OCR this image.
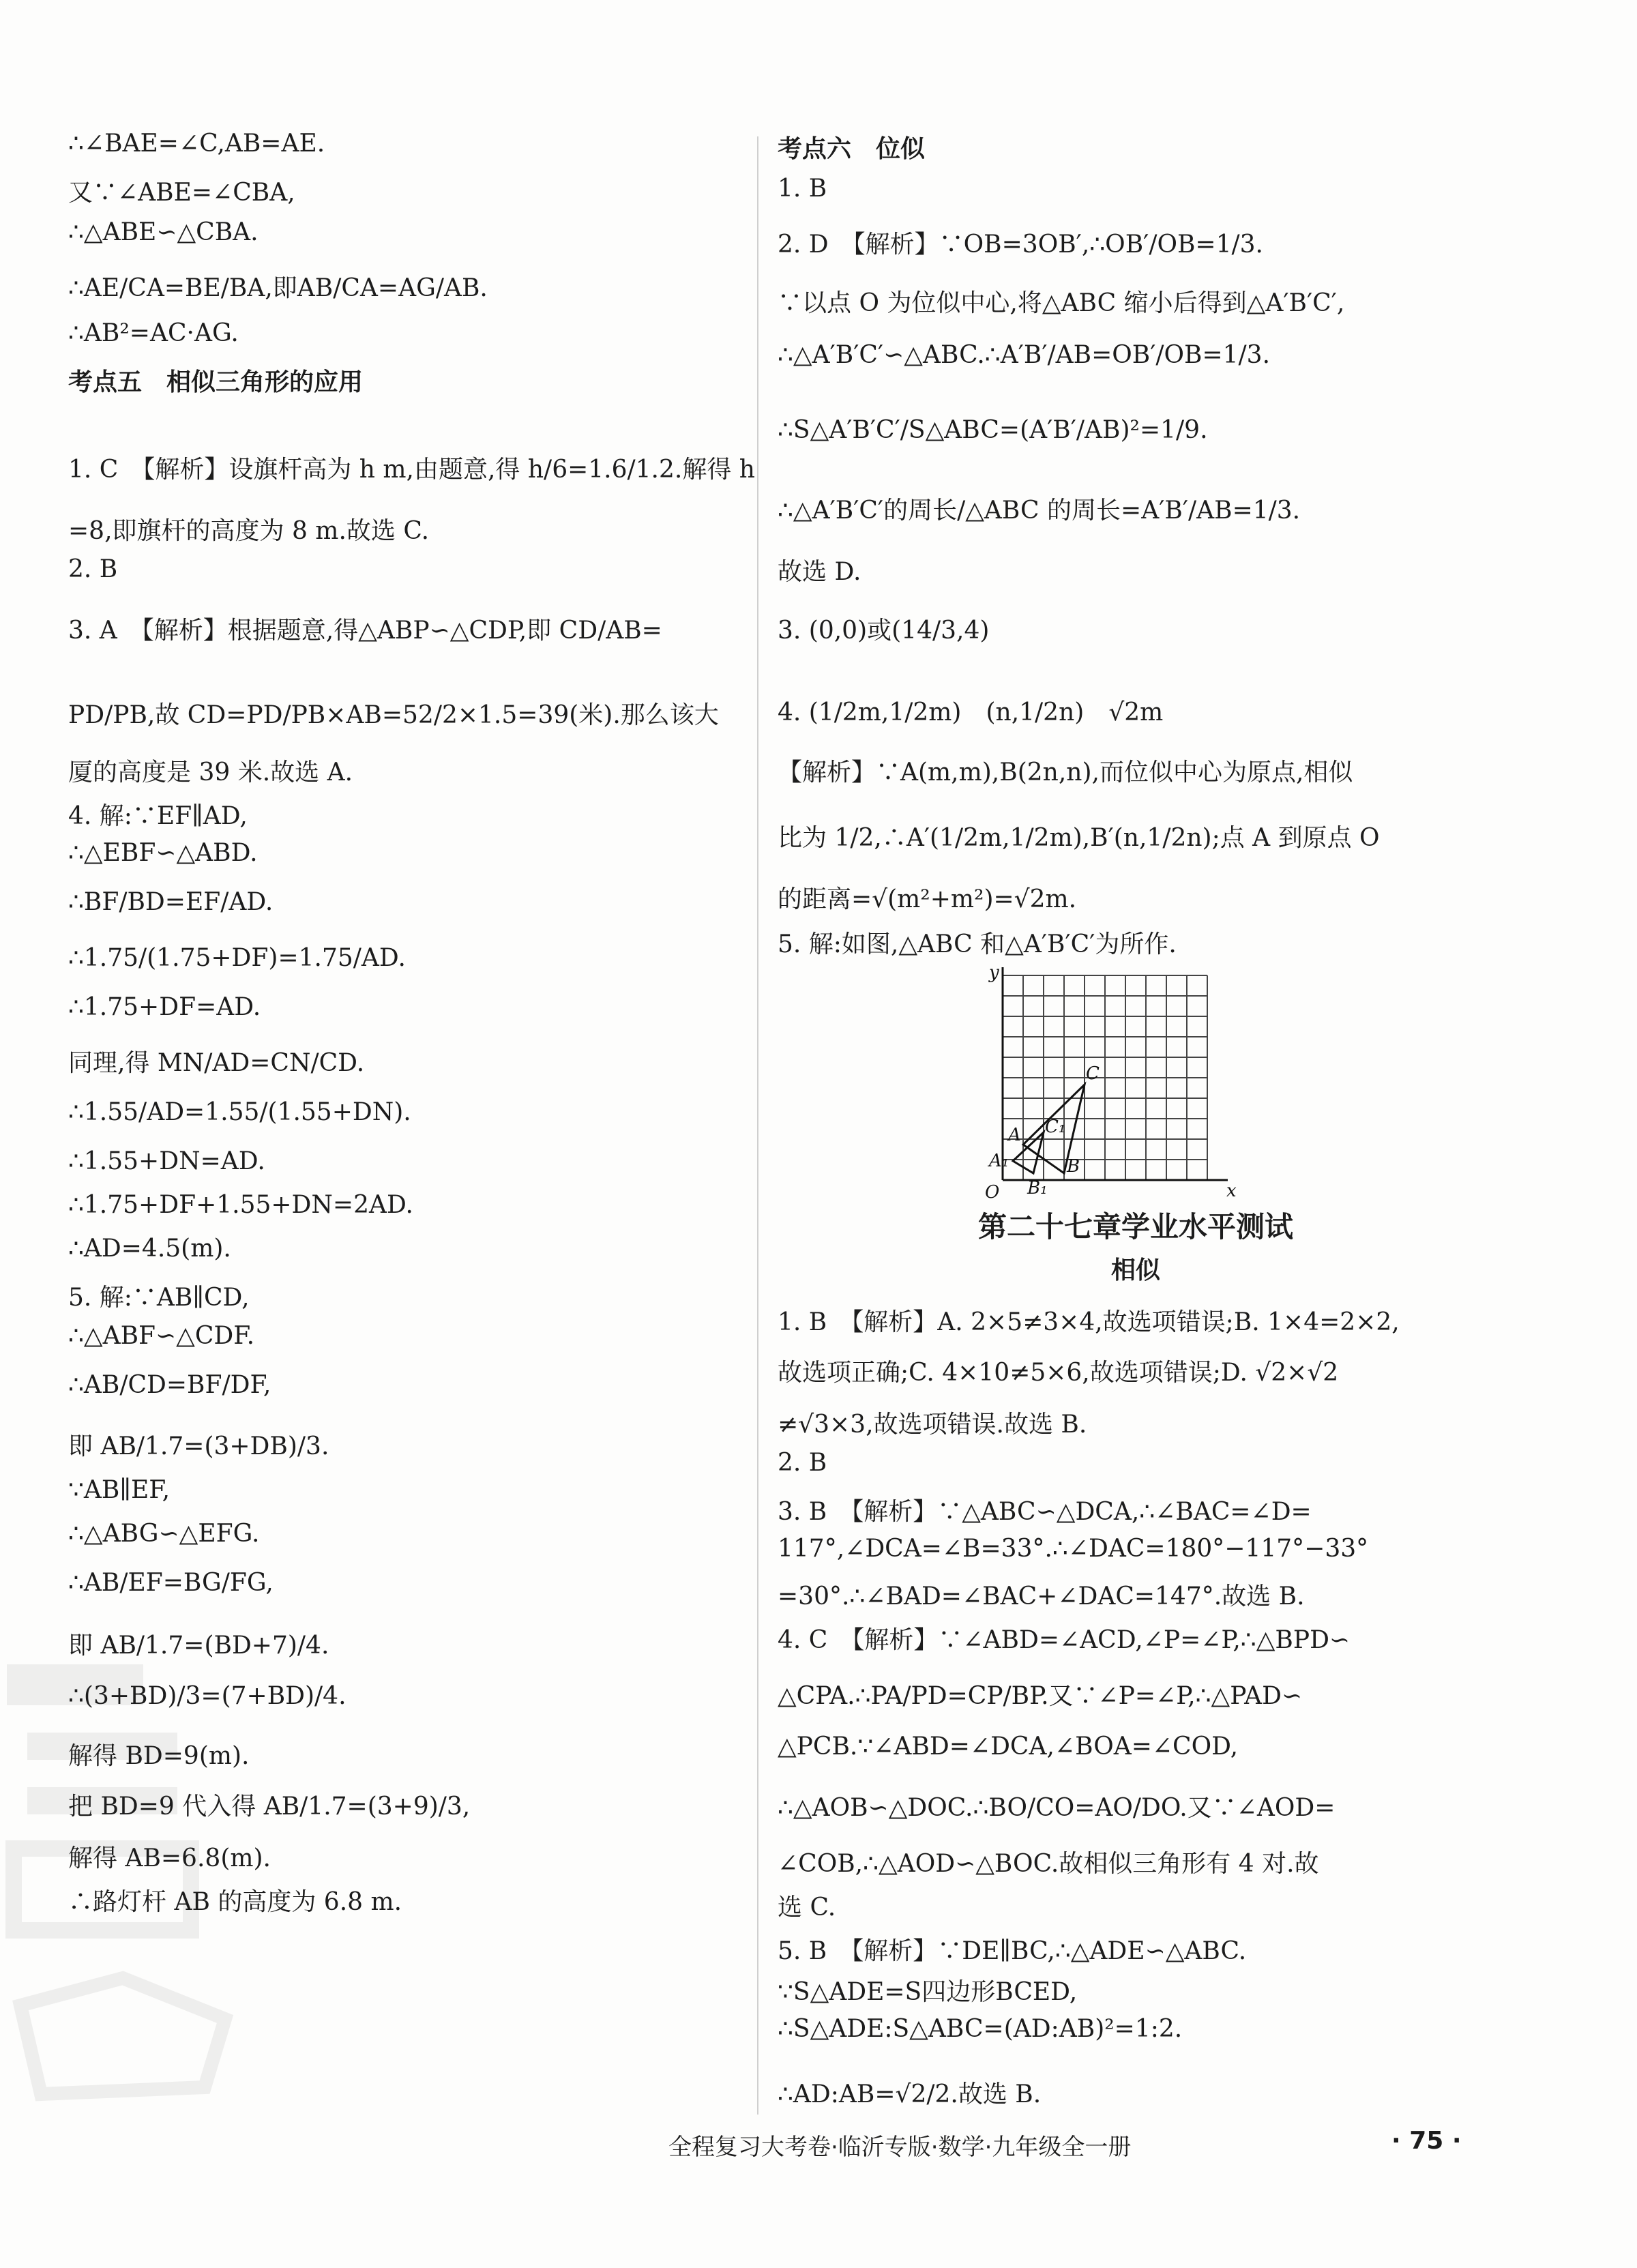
∴∠BAE=∠C,AB=AE.
又∵∠ABE=∠CBA,
∴△ABE∽△CBA.
∴AE/CA=BE/BA,即AB/CA=AG/AB.
∴AB²=AC·AG.
考点五　相似三角形的应用
1. C　【解析】设旗杆高为 h m,由题意,得 h/6=1.6/1.2.解得 h
=8,即旗杆的高度为 8 m.故选 C.
2. B
3. A　【解析】根据题意,得△ABP∽△CDP,即 CD/AB=
PD/PB,故 CD=PD/PB×AB=52/2×1.5=39(米).那么该大
厦的高度是 39 米.故选 A.
4. 解:∵EF∥AD,
∴△EBF∽△ABD.
∴BF/BD=EF/AD.
∴1.75/(1.75+DF)=1.75/AD.
∴1.75+DF=AD.
同理,得 MN/AD=CN/CD.
∴1.55/AD=1.55/(1.55+DN).
∴1.55+DN=AD.
∴1.75+DF+1.55+DN=2AD.
∴AD=4.5(m).
5. 解:∵AB∥CD,
∴△ABF∽△CDF.
∴AB/CD=BF/DF,
即 AB/1.7=(3+DB)/3.
∵AB∥EF,
∴△ABG∽△EFG.
∴AB/EF=BG/FG,
即 AB/1.7=(BD+7)/4.
∴(3+BD)/3=(7+BD)/4.
解得 BD=9(m).
把 BD=9 代入得 AB/1.7=(3+9)/3,
解得 AB=6.8(m).
∴路灯杆 AB 的高度为 6.8 m.
x
y
O
A
A₁
B₁
B
C₁
C
第二十七章学业水平测试
相似
考点六　位似
1. B
2. D　【解析】∵OB=3OB′,∴OB′/OB=1/3.
∵以点 O 为位似中心,将△ABC 缩小后得到△A′B′C′,
∴△A′B′C′∽△ABC.∴A′B′/AB=OB′/OB=1/3.
∴S△A′B′C′/S△ABC=(A′B′/AB)²=1/9.
∴△A′B′C′的周长/△ABC 的周长=A′B′/AB=1/3.
故选 D.
3. (0,0)或(14/3,4)
4. (1/2m,1/2m)　(n,1/2n)　√2m
【解析】∵A(m,m),B(2n,n),而位似中心为原点,相似
比为 1/2,∴A′(1/2m,1/2m),B′(n,1/2n);点 A 到原点 O
的距离=√(m²+m²)=√2m.
5. 解:如图,△ABC 和△A′B′C′为所作.
1. B　【解析】A. 2×5≠3×4,故选项错误;B. 1×4=2×2,
故选项正确;C. 4×10≠5×6,故选项错误;D. √2×√2
≠√3×3,故选项错误.故选 B.
2. B
3. B　【解析】∵△ABC∽△DCA,∴∠BAC=∠D=
117°,∠DCA=∠B=33°.∴∠DAC=180°−117°−33°
=30°.∴∠BAD=∠BAC+∠DAC=147°.故选 B.
4. C　【解析】∵∠ABD=∠ACD,∠P=∠P,∴△BPD∽
△CPA.∴PA/PD=CP/BP.又∵∠P=∠P,∴△PAD∽
△PCB.∵∠ABD=∠DCA,∠BOA=∠COD,
∴△AOB∽△DOC.∴BO/CO=AO/DO.又∵∠AOD=
∠COB,∴△AOD∽△BOC.故相似三角形有 4 对.故
选 C.
5. B　【解析】∵DE∥BC,∴△ADE∽△ABC.
∵S△ADE=S四边形BCED,
∴S△ADE:S△ABC=(AD:AB)²=1:2.
∴AD:AB=√2/2.故选 B.
全程复习大考卷·临沂专版·数学·九年级全一册	· 75 ·
